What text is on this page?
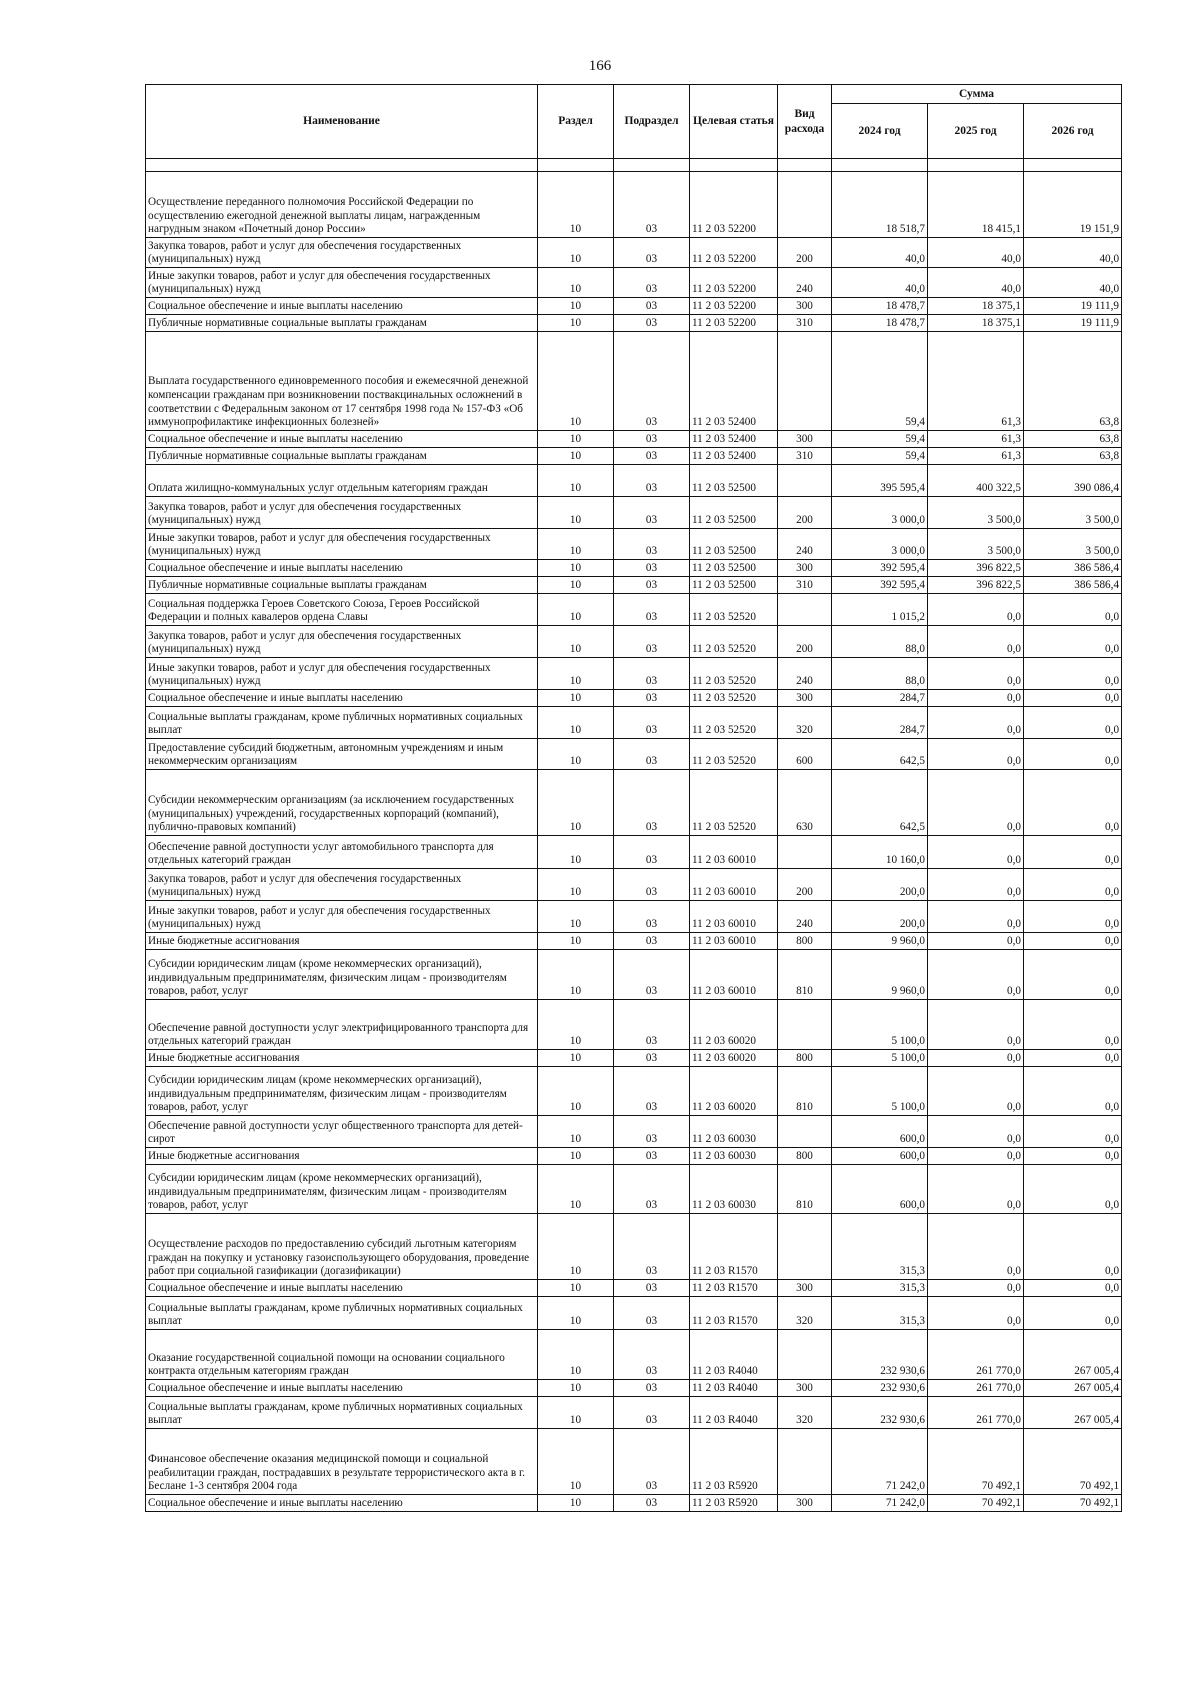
166
Наименование	Раздел	Подраздел	Целевая статья	Вид расхода	Сумма		
					2024 год	2025 год	2026 год

Осуществление переданного полномочия Российской Федерации по осуществлению ежегодной денежной выплаты лицам, награжденным нагрудным знаком «Почетный донор России»	10	03	11 2 03 52200		18 518,7	18 415,1	19 151,9
Закупка товаров, работ и услуг для обеспечения государственных (муниципальных) нужд	10	03	11 2 03 52200	200	40,0	40,0	40,0
Иные закупки товаров, работ и услуг для обеспечения государственных (муниципальных) нужд	10	03	11 2 03 52200	240	40,0	40,0	40,0
Социальное обеспечение и иные выплаты населению	10	03	11 2 03 52200	300	18 478,7	18 375,1	19 111,9
Публичные нормативные социальные выплаты гражданам	10	03	11 2 03 52200	310	18 478,7	18 375,1	19 111,9
Выплата государственного единовременного пособия и ежемесячной денежной компенсации гражданам при возникновении поствакцинальных осложнений в соответствии с Федеральным законом от 17 сентября 1998 года № 157-ФЗ «Об иммунопрофилактике инфекционных болезней»	10	03	11 2 03 52400		59,4	61,3	63,8
Социальное обеспечение и иные выплаты населению	10	03	11 2 03 52400	300	59,4	61,3	63,8
Публичные нормативные социальные выплаты гражданам	10	03	11 2 03 52400	310	59,4	61,3	63,8
Оплата жилищно-коммунальных услуг отдельным категориям граждан	10	03	11 2 03 52500		395 595,4	400 322,5	390 086,4
Закупка товаров, работ и услуг для обеспечения государственных (муниципальных) нужд	10	03	11 2 03 52500	200	3 000,0	3 500,0	3 500,0
Иные закупки товаров, работ и услуг для обеспечения государственных (муниципальных) нужд	10	03	11 2 03 52500	240	3 000,0	3 500,0	3 500,0
Социальное обеспечение и иные выплаты населению	10	03	11 2 03 52500	300	392 595,4	396 822,5	386 586,4
Публичные нормативные социальные выплаты гражданам	10	03	11 2 03 52500	310	392 595,4	396 822,5	386 586,4
Социальная поддержка Героев Советского Союза, Героев Российской Федерации и полных кавалеров ордена Славы	10	03	11 2 03 52520		1 015,2	0,0	0,0
Закупка товаров, работ и услуг для обеспечения государственных (муниципальных) нужд	10	03	11 2 03 52520	200	88,0	0,0	0,0
Иные закупки товаров, работ и услуг для обеспечения государственных (муниципальных) нужд	10	03	11 2 03 52520	240	88,0	0,0	0,0
Социальное обеспечение и иные выплаты населению	10	03	11 2 03 52520	300	284,7	0,0	0,0
Социальные выплаты гражданам, кроме публичных нормативных социальных выплат	10	03	11 2 03 52520	320	284,7	0,0	0,0
Предоставление субсидий бюджетным, автономным учреждениям и иным некоммерческим организациям	10	03	11 2 03 52520	600	642,5	0,0	0,0
Субсидии некоммерческим организациям (за исключением государственных (муниципальных) учреждений, государственных корпораций (компаний), публично-правовых компаний)	10	03	11 2 03 52520	630	642,5	0,0	0,0
Обеспечение равной доступности услуг автомобильного транспорта для отдельных категорий граждан	10	03	11 2 03 60010		10 160,0	0,0	0,0
Закупка товаров, работ и услуг для обеспечения государственных (муниципальных) нужд	10	03	11 2 03 60010	200	200,0	0,0	0,0
Иные закупки товаров, работ и услуг для обеспечения государственных (муниципальных) нужд	10	03	11 2 03 60010	240	200,0	0,0	0,0
Иные бюджетные ассигнования	10	03	11 2 03 60010	800	9 960,0	0,0	0,0
Субсидии юридическим лицам (кроме некоммерческих организаций), индивидуальным предпринимателям, физическим лицам - производителям товаров, работ, услуг	10	03	11 2 03 60010	810	9 960,0	0,0	0,0
Обеспечение равной доступности услуг электрифицированного транспорта для отдельных категорий граждан	10	03	11 2 03 60020		5 100,0	0,0	0,0
Иные бюджетные ассигнования	10	03	11 2 03 60020	800	5 100,0	0,0	0,0
Субсидии юридическим лицам (кроме некоммерческих организаций), индивидуальным предпринимателям, физическим лицам - производителям товаров, работ, услуг	10	03	11 2 03 60020	810	5 100,0	0,0	0,0
Обеспечение равной доступности услуг общественного транспорта для детей-сирот	10	03	11 2 03 60030		600,0	0,0	0,0
Иные бюджетные ассигнования	10	03	11 2 03 60030	800	600,0	0,0	0,0
Субсидии юридическим лицам (кроме некоммерческих организаций), индивидуальным предпринимателям, физическим лицам - производителям товаров, работ, услуг	10	03	11 2 03 60030	810	600,0	0,0	0,0
Осуществление расходов по предоставлению субсидий льготным категориям граждан на покупку и установку газоиспользующего оборудования, проведение работ при социальной газификации (догазификации)	10	03	11 2 03 R1570		315,3	0,0	0,0
Социальное обеспечение и иные выплаты населению	10	03	11 2 03 R1570	300	315,3	0,0	0,0
Социальные выплаты гражданам, кроме публичных нормативных социальных выплат	10	03	11 2 03 R1570	320	315,3	0,0	0,0
Оказание государственной социальной помощи на основании социального контракта отдельным категориям граждан	10	03	11 2 03 R4040		232 930,6	261 770,0	267 005,4
Социальное обеспечение и иные выплаты населению	10	03	11 2 03 R4040	300	232 930,6	261 770,0	267 005,4
Социальные выплаты гражданам, кроме публичных нормативных социальных выплат	10	03	11 2 03 R4040	320	232 930,6	261 770,0	267 005,4
Финансовое обеспечение оказания медицинской помощи и социальной реабилитации граждан, пострадавших в результате террористического акта в г. Беслане 1-3 сентября 2004 года	10	03	11 2 03 R5920		71 242,0	70 492,1	70 492,1
Социальное обеспечение и иные выплаты населению	10	03	11 2 03 R5920	300	71 242,0	70 492,1	70 492,1
